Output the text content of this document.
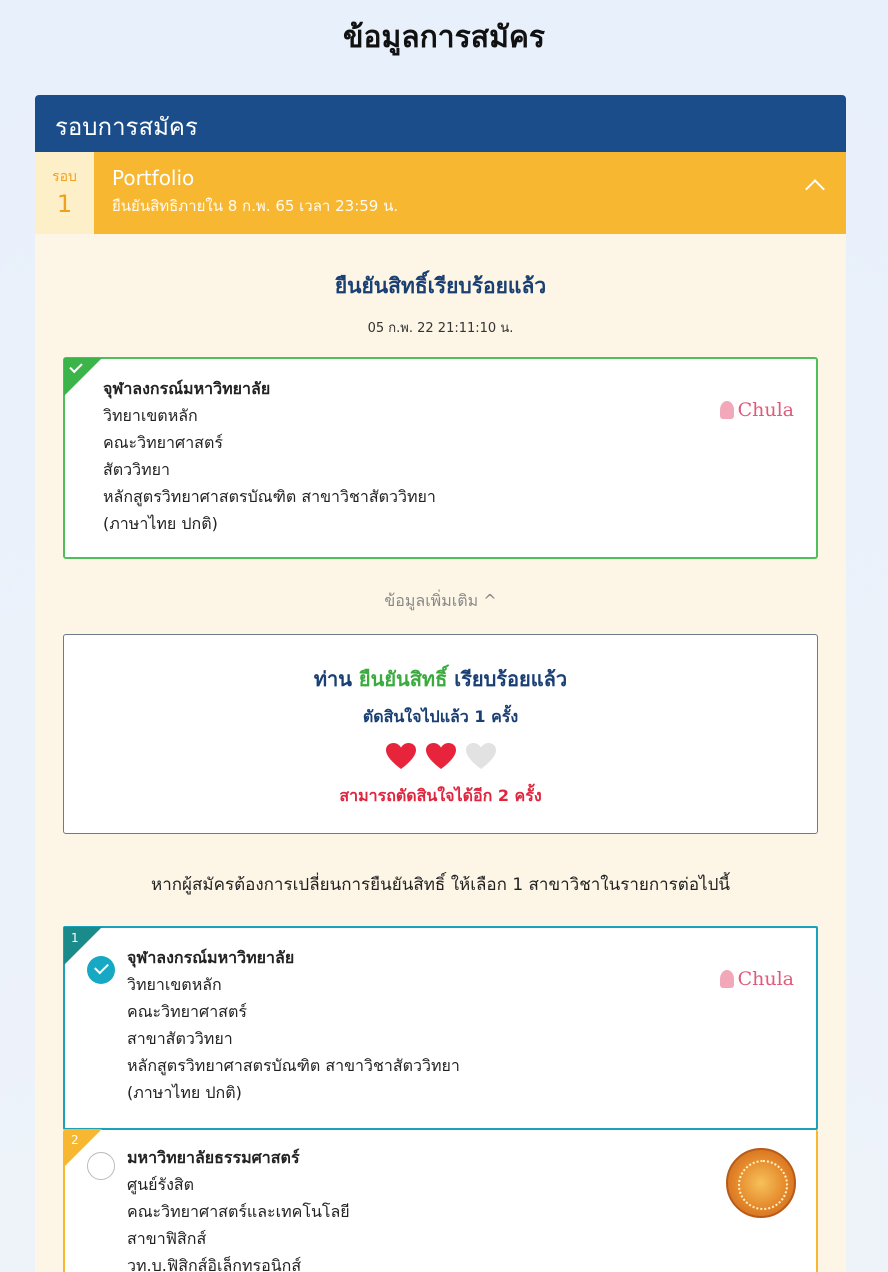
ข้อมูลการสมัคร
รอบการสมัคร
รอบ
1
Portfolio
ยืนยันสิทธิภายใน 8 ก.พ. 65 เวลา 23:59 น.
ยืนยันสิทธิ์เรียบร้อยแล้ว
05 ก.พ. 22 21:11:10 น.
จุฬาลงกรณ์มหาวิทยาลัย
วิทยาเขตหลัก
คณะวิทยาศาสตร์
สัตววิทยา
หลักสูตรวิทยาศาสตรบัณฑิต สาขาวิชาสัตววิทยา
(ภาษาไทย ปกติ)
Chula
ข้อมูลเพิ่มเติม ^
ท่าน ยืนยันสิทธิ์ เรียบร้อยแล้ว
ตัดสินใจไปแล้ว 1 ครั้ง
สามารถตัดสินใจได้อีก 2 ครั้ง
หากผู้สมัครต้องการเปลี่ยนการยืนยันสิทธิ์ ให้เลือก 1 สาขาวิชาในรายการต่อไปนี้
1
จุฬาลงกรณ์มหาวิทยาลัย
วิทยาเขตหลัก
คณะวิทยาศาสตร์
สาขาสัตววิทยา
หลักสูตรวิทยาศาสตรบัณฑิต สาขาวิชาสัตววิทยา
(ภาษาไทย ปกติ)
Chula
2
มหาวิทยาลัยธรรมศาสตร์
ศูนย์รังสิต
คณะวิทยาศาสตร์และเทคโนโลยี
สาขาฟิสิกส์
วท.บ.ฟิสิกส์อิเล็กทรอนิกส์
